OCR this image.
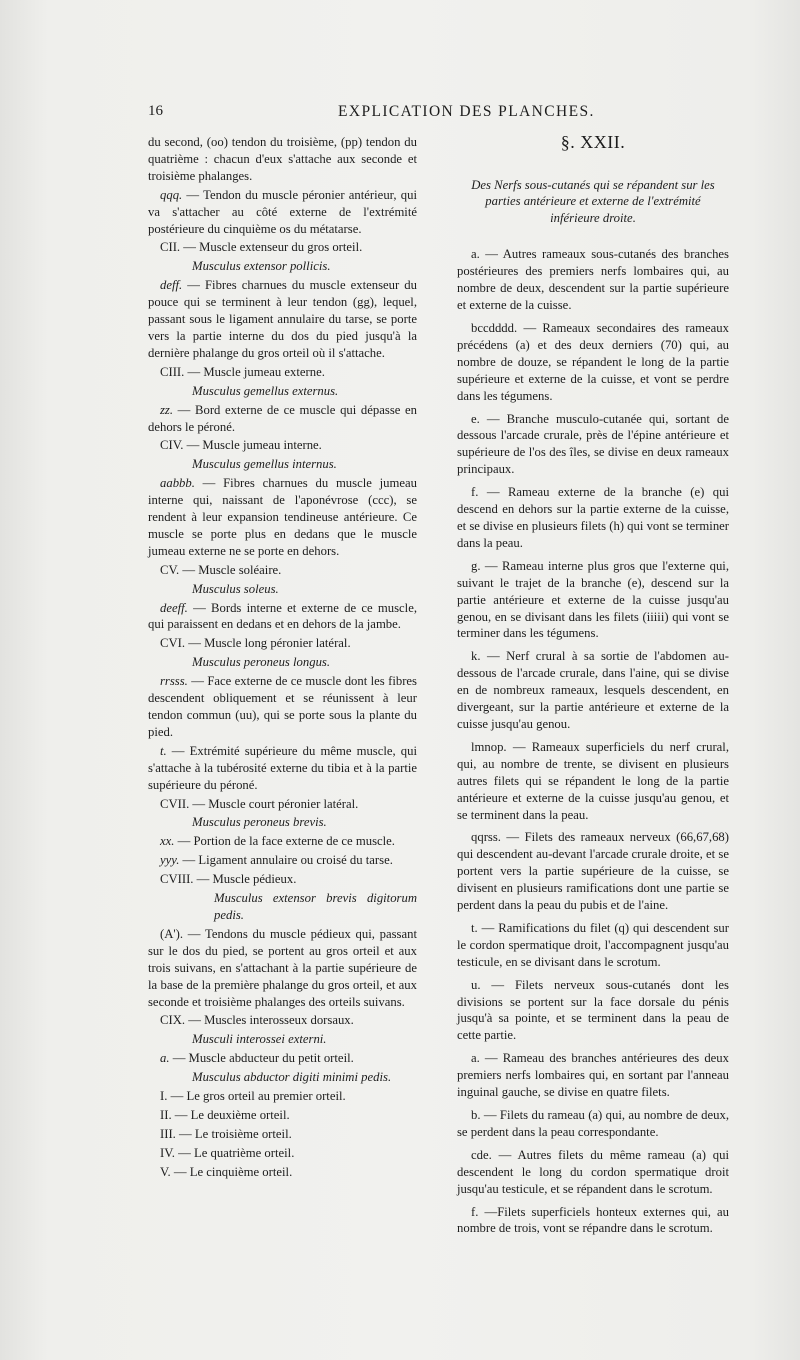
16	EXPLICATION DES PLANCHES.

du second, (oo) tendon du troisième, (pp) tendon du quatrième : chacun d'eux s'attache aux seconde et troisième phalanges.

qqq. — Tendon du muscle péronier antérieur, qui va s'attacher au côté externe de l'extrémité postérieure du cinquième os du métatarse.

CII. — Muscle extenseur du gros orteil.

Musculus extensor pollicis.

deff. — Fibres charnues du muscle extenseur du pouce qui se terminent à leur tendon (gg), lequel, passant sous le ligament annulaire du tarse, se porte vers la partie interne du dos du pied jusqu'à la dernière phalange du gros orteil où il s'attache.

CIII. — Muscle jumeau externe.

Musculus gemellus externus.

zz. — Bord externe de ce muscle qui dépasse en dehors le péroné.

CIV. — Muscle jumeau interne.

Musculus gemellus internus.

aabbb. — Fibres charnues du muscle jumeau interne qui, naissant de l'aponévrose (ccc), se rendent à leur expansion tendineuse antérieure. Ce muscle se porte plus en dedans que le muscle jumeau externe ne se porte en dehors.

CV. — Muscle soléaire.

Musculus soleus.

deeff. — Bords interne et externe de ce muscle, qui paraissent en dedans et en dehors de la jambe.

CVI. — Muscle long péronier latéral.

Musculus peroneus longus.

rrsss. — Face externe de ce muscle dont les fibres descendent obliquement et se réunissent à leur tendon commun (uu), qui se porte sous la plante du pied.

t. — Extrémité supérieure du même muscle, qui s'attache à la tubérosité externe du tibia et à la partie supérieure du péroné.

CVII. — Muscle court péronier latéral.

Musculus peroneus brevis.

xx. — Portion de la face externe de ce muscle.

yyy. — Ligament annulaire ou croisé du tarse.

CVIII. — Muscle pédieux.

Musculus extensor brevis digitorum pedis.

(A'). — Tendons du muscle pédieux qui, passant sur le dos du pied, se portent au gros orteil et aux trois suivans, en s'attachant à la partie supérieure de la base de la première phalange du gros orteil, et aux seconde et troisième phalanges des orteils suivans.

CIX. — Muscles interosseux dorsaux.

Musculi interossei externi.

a. — Muscle abducteur du petit orteil.

Musculus abductor digiti minimi pedis.

I. — Le gros orteil au premier orteil.

II. — Le deuxième orteil.

III. — Le troisième orteil.

IV. — Le quatrième orteil.

V. — Le cinquième orteil.

§. XXII.
Des Nerfs sous-cutanés qui se répandent sur les parties antérieure et externe de l'extrémité inférieure droite.

a. — Autres rameaux sous-cutanés des branches postérieures des premiers nerfs lombaires qui, au nombre de deux, descendent sur la partie supérieure et externe de la cuisse.

bccdddd. — Rameaux secondaires des rameaux précédens (a) et des deux derniers (70) qui, au nombre de douze, se répandent le long de la partie supérieure et externe de la cuisse, et vont se perdre dans les tégumens.

e. — Branche musculo-cutanée qui, sortant de dessous l'arcade crurale, près de l'épine antérieure et supérieure de l'os des îles, se divise en deux rameaux principaux.

f. — Rameau externe de la branche (e) qui descend en dehors sur la partie externe de la cuisse, et se divise en plusieurs filets (h) qui vont se terminer dans la peau.

g. — Rameau interne plus gros que l'externe qui, suivant le trajet de la branche (e), descend sur la partie antérieure et externe de la cuisse jusqu'au genou, en se divisant dans les filets (iiiii) qui vont se terminer dans les tégumens.

k. — Nerf crural à sa sortie de l'abdomen au-dessous de l'arcade crurale, dans l'aine, qui se divise en de nombreux rameaux, lesquels descendent, en divergeant, sur la partie antérieure et externe de la cuisse jusqu'au genou.

lmnop. — Rameaux superficiels du nerf crural, qui, au nombre de trente, se divisent en plusieurs autres filets qui se répandent le long de la partie antérieure et externe de la cuisse jusqu'au genou, et se terminent dans la peau.

qqrss. — Filets des rameaux nerveux (66,67,68) qui descendent au-devant l'arcade crurale droite, et se portent vers la partie supérieure de la cuisse, se divisent en plusieurs ramifications dont une partie se perdent dans la peau du pubis et de l'aine.

t. — Ramifications du filet (q) qui descendent sur le cordon spermatique droit, l'accompagnent jusqu'au testicule, en se divisant dans le scrotum.

u. — Filets nerveux sous-cutanés dont les divisions se portent sur la face dorsale du pénis jusqu'à sa pointe, et se terminent dans la peau de cette partie.

a. — Rameau des branches antérieures des deux premiers nerfs lombaires qui, en sortant par l'anneau inguinal gauche, se divise en quatre filets.

b. — Filets du rameau (a) qui, au nombre de deux, se perdent dans la peau correspondante.

cde. — Autres filets du même rameau (a) qui descendent le long du cordon spermatique droit jusqu'au testicule, et se répandent dans le scrotum.

f. —Filets superficiels honteux externes qui, au nombre de trois, vont se répandre dans le scrotum.
